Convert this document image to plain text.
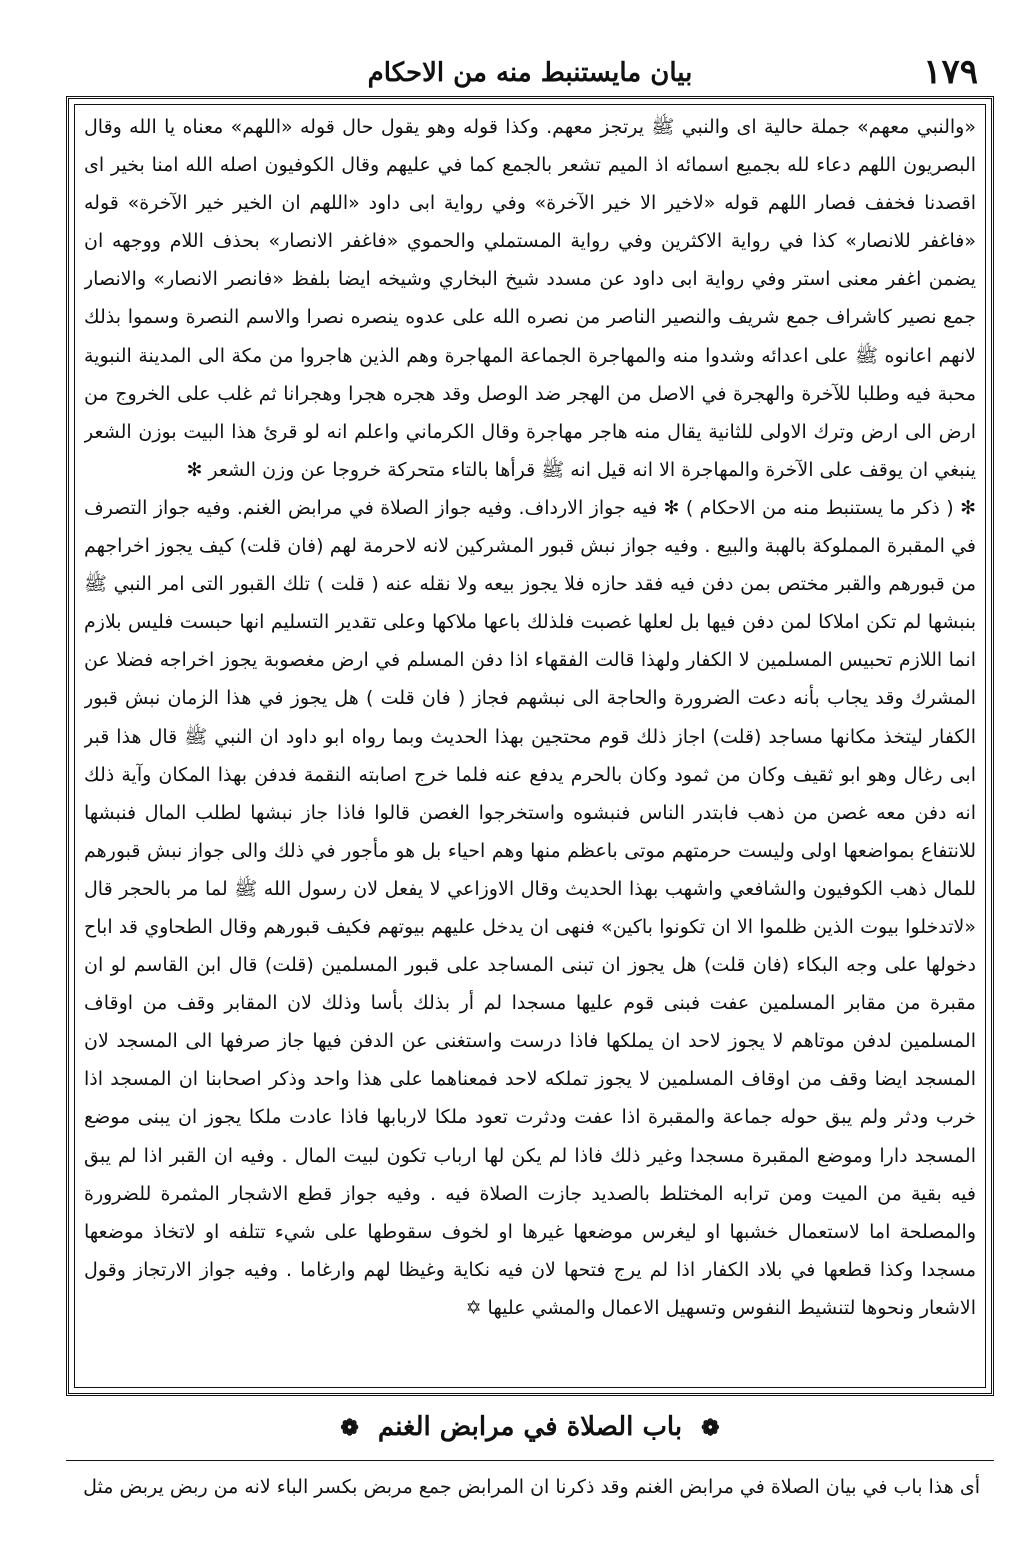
١٧٩
بيان مايستنبط منه من الاحكام

«والنبي معهم» جملة حالية اى والنبي ﷺ يرتجز معهم. وكذا قوله وهو يقول حال قوله «اللهم» معناه يا الله وقال البصريون اللهم دعاء لله بجميع اسمائه اذ الميم تشعر بالجمع كما في عليهم وقال الكوفيون اصله الله امنا بخير اى اقصدنا فخفف فصار اللهم قوله «لاخير الا خير الآخرة» وفي رواية ابى داود «اللهم ان الخير خير الآخرة» قوله «فاغفر للانصار» كذا في رواية الاكثرين وفي رواية المستملي والحموي «فاغفر الانصار» بحذف اللام ووجهه ان يضمن اغفر معنى استر وفي رواية ابى داود عن مسدد شيخ البخاري وشيخه ايضا بلفظ «فانصر الانصار» والانصار جمع نصير كاشراف جمع شريف والنصير الناصر من نصره الله على عدوه ينصره نصرا والاسم النصرة وسموا بذلك لانهم اعانوه ﷺ على اعدائه وشدوا منه والمهاجرة الجماعة المهاجرة وهم الذين هاجروا من مكة الى المدينة النبوية محبة فيه وطلبا للآخرة والهجرة في الاصل من الهجر ضد الوصل وقد هجره هجرا وهجرانا ثم غلب على الخروج من ارض الى ارض وترك الاولى للثانية يقال منه هاجر مهاجرة وقال الكرماني واعلم انه لو قرئ هذا البيت بوزن الشعر ينبغي ان يوقف على الآخرة والمهاجرة الا انه قيل انه ﷺ قرأها بالتاء متحركة خروجا عن وزن الشعر ✻

✻ ( ذكر ما يستنبط منه من الاحكام ) ✻ فيه جواز الارداف. وفيه جواز الصلاة في مرابض الغنم. وفيه جواز التصرف في المقبرة المملوكة بالهبة والبيع . وفيه جواز نبش قبور المشركين لانه لاحرمة لهم (فان قلت) كيف يجوز اخراجهم من قبورهم والقبر مختص بمن دفن فيه فقد حازه فلا يجوز بيعه ولا نقله عنه ( قلت ) تلك القبور التى امر النبي ﷺ بنبشها لم تكن املاكا لمن دفن فيها بل لعلها غصبت فلذلك باعها ملاكها وعلى تقدير التسليم انها حبست فليس بلازم انما اللازم تحبيس المسلمين لا الكفار ولهذا قالت الفقهاء اذا دفن المسلم في ارض مغصوبة يجوز اخراجه فضلا عن المشرك وقد يجاب بأنه دعت الضرورة والحاجة الى نبشهم فجاز ( فان قلت ) هل يجوز في هذا الزمان نبش قبور الكفار ليتخذ مكانها مساجد (قلت) اجاز ذلك قوم محتجين بهذا الحديث وبما رواه ابو داود ان النبي ﷺ قال هذا قبر ابى رغال وهو ابو ثقيف وكان من ثمود وكان بالحرم يدفع عنه فلما خرج اصابته النقمة فدفن بهذا المكان وآية ذلك انه دفن معه غصن من ذهب فابتدر الناس فنبشوه واستخرجوا الغصن قالوا فاذا جاز نبشها لطلب المال فنبشها للانتفاع بمواضعها اولى وليست حرمتهم موتى باعظم منها وهم احياء بل هو مأجور في ذلك والى جواز نبش قبورهم للمال ذهب الكوفيون والشافعي واشهب بهذا الحديث وقال الاوزاعي لا يفعل لان رسول الله ﷺ لما مر بالحجر قال «لاتدخلوا بيوت الذين ظلموا الا ان تكونوا باكين» فنهى ان يدخل عليهم بيوتهم فكيف قبورهم وقال الطحاوي قد اباح دخولها على وجه البكاء (فان قلت) هل يجوز ان تبنى المساجد على قبور المسلمين (قلت) قال ابن القاسم لو ان مقبرة من مقابر المسلمين عفت فبنى قوم عليها مسجدا لم أر بذلك بأسا وذلك لان المقابر وقف من اوقاف المسلمين لدفن موتاهم لا يجوز لاحد ان يملكها فاذا درست واستغنى عن الدفن فيها جاز صرفها الى المسجد لان المسجد ايضا وقف من اوقاف المسلمين لا يجوز تملكه لاحد فمعناهما على هذا واحد وذكر اصحابنا ان المسجد اذا خرب ودثر ولم يبق حوله جماعة والمقبرة اذا عفت ودثرت تعود ملكا لاربابها فاذا عادت ملكا يجوز ان يبنى موضع المسجد دارا وموضع المقبرة مسجدا وغير ذلك فاذا لم يكن لها ارباب تكون لبيت المال . وفيه ان القبر اذا لم يبق فيه بقية من الميت ومن ترابه المختلط بالصديد جازت الصلاة فيه . وفيه جواز قطع الاشجار المثمرة للضرورة والمصلحة اما لاستعمال خشبها او ليغرس موضعها غيرها او لخوف سقوطها على شيء تتلفه او لاتخاذ موضعها مسجدا وكذا قطعها في بلاد الكفار اذا لم يرج فتحها لان فيه نكاية وغيظا لهم وارغاما . وفيه جواز الارتجاز وقول الاشعار ونحوها لتنشيط النفوس وتسهيل الاعمال والمشي عليها ✡

❁ باب الصلاة في مرابض الغنم ❁
أى هذا باب في بيان الصلاة في مرابض الغنم وقد ذكرنا ان المرابض جمع مربض بكسر الباء لانه من ربض يربض مثل
